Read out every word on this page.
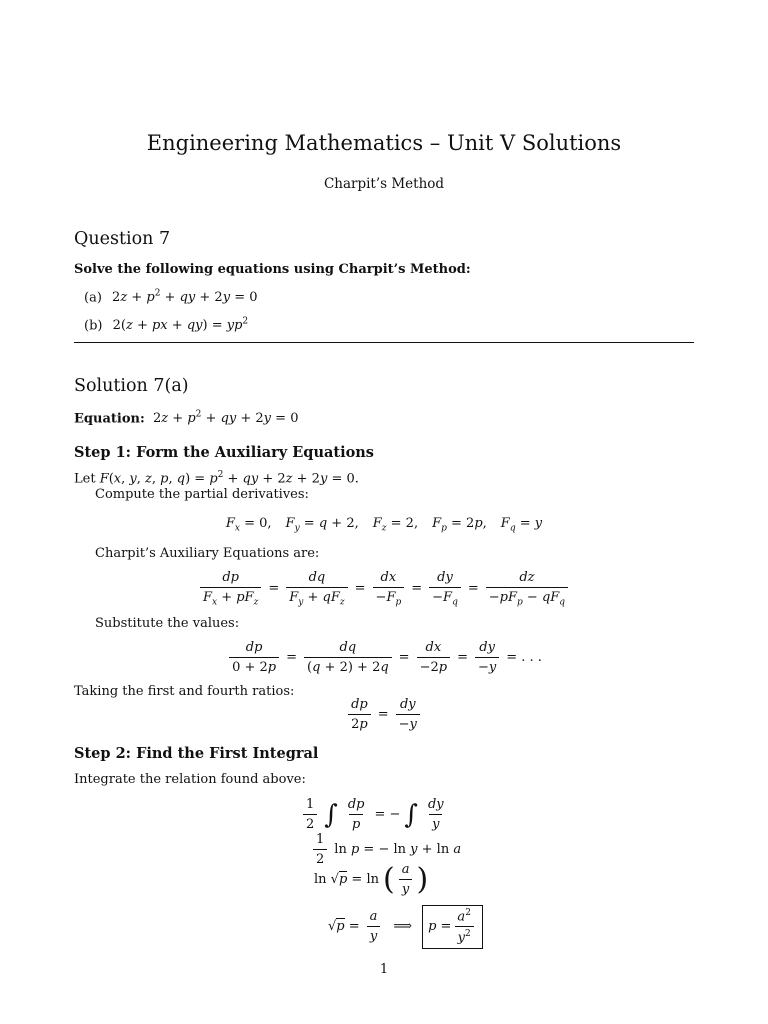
Engineering Mathematics – Unit V Solutions
Charpit’s Method
Question 7
Solve the following equations using Charpit’s Method:
(a) $2z + p^2$ + qy + 2y = 0
(b) 2(z + px + $qy) = yp^2$
Solution 7(a)
Equation:  $2z + p^2$ + qy + 2y = 0
Step 1: Form the Auxiliary Equations
Let F(x, y, z, p, $q) = p^2$ + qy + 2z + 2y = 0.
Compute the partial derivatives:
$F_x = 0$, $F_y = q + 2$, $F_z = 2$, $F_p = 2p$, $F_q = y$
Charpit’s Auxiliary Equations are:
$\frac{dp}{F_x + pF_z} = \frac{dq}{F_y + qF_z} = \frac{dx}{-F_p} = \frac{dy}{-F_q} = \frac{dz}{-pF_p - qF_q}$
Substitute the values:
$\frac{dp}{0 + 2p} = \frac{dq}{(q + 2) + 2q} = \frac{dx}{-2p} = \frac{dy}{-y}$ = . . .
Taking the first and fourth ratios:
$\frac{dp}{2p} = \frac{dy}{-y}$
Step 2: Find the First Integral
Integrate the relation found above:
$\frac{1}{2}$ ∫ $\frac{dp}{p}$ = − ∫ $\frac{dy}{y}$
$\frac{1}{2}$ ln p = − ln y + ln a
ln √p = ln ( $\frac{a}{y}$ )
$√p = \frac{a}{y}$ ⟹ $p = \frac{a^2}{y^2}$
1
